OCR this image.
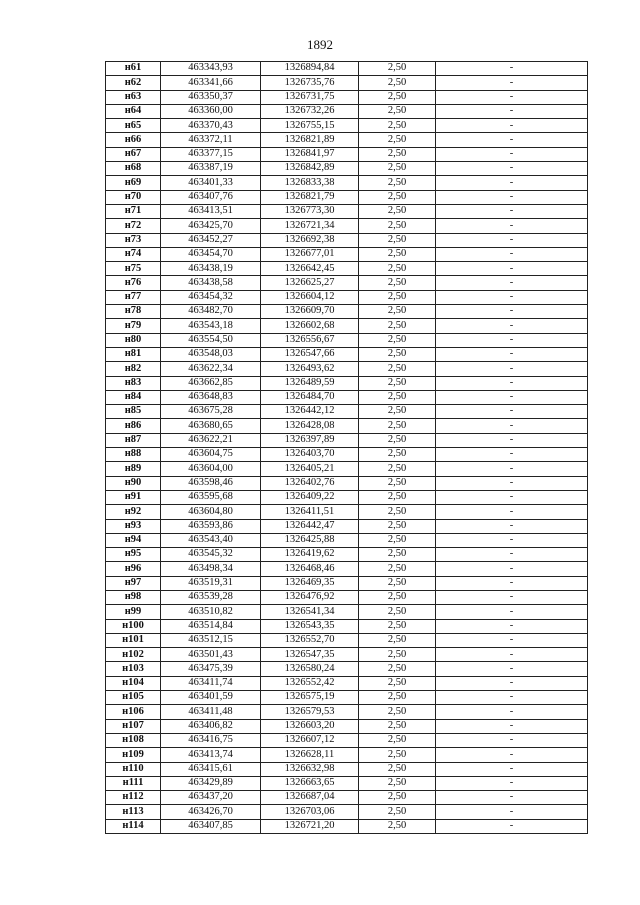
1892
н61	463343,93	1326894,84	2,50	-
н62	463341,66	1326735,76	2,50	-
н63	463350,37	1326731,75	2,50	-
н64	463360,00	1326732,26	2,50	-
н65	463370,43	1326755,15	2,50	-
н66	463372,11	1326821,89	2,50	-
н67	463377,15	1326841,97	2,50	-
н68	463387,19	1326842,89	2,50	-
н69	463401,33	1326833,38	2,50	-
н70	463407,76	1326821,79	2,50	-
н71	463413,51	1326773,30	2,50	-
н72	463425,70	1326721,34	2,50	-
н73	463452,27	1326692,38	2,50	-
н74	463454,70	1326677,01	2,50	-
н75	463438,19	1326642,45	2,50	-
н76	463438,58	1326625,27	2,50	-
н77	463454,32	1326604,12	2,50	-
н78	463482,70	1326609,70	2,50	-
н79	463543,18	1326602,68	2,50	-
н80	463554,50	1326556,67	2,50	-
н81	463548,03	1326547,66	2,50	-
н82	463622,34	1326493,62	2,50	-
н83	463662,85	1326489,59	2,50	-
н84	463648,83	1326484,70	2,50	-
н85	463675,28	1326442,12	2,50	-
н86	463680,65	1326428,08	2,50	-
н87	463622,21	1326397,89	2,50	-
н88	463604,75	1326403,70	2,50	-
н89	463604,00	1326405,21	2,50	-
н90	463598,46	1326402,76	2,50	-
н91	463595,68	1326409,22	2,50	-
н92	463604,80	1326411,51	2,50	-
н93	463593,86	1326442,47	2,50	-
н94	463543,40	1326425,88	2,50	-
н95	463545,32	1326419,62	2,50	-
н96	463498,34	1326468,46	2,50	-
н97	463519,31	1326469,35	2,50	-
н98	463539,28	1326476,92	2,50	-
н99	463510,82	1326541,34	2,50	-
н100	463514,84	1326543,35	2,50	-
н101	463512,15	1326552,70	2,50	-
н102	463501,43	1326547,35	2,50	-
н103	463475,39	1326580,24	2,50	-
н104	463411,74	1326552,42	2,50	-
н105	463401,59	1326575,19	2,50	-
н106	463411,48	1326579,53	2,50	-
н107	463406,82	1326603,20	2,50	-
н108	463416,75	1326607,12	2,50	-
н109	463413,74	1326628,11	2,50	-
н110	463415,61	1326632,98	2,50	-
н111	463429,89	1326663,65	2,50	-
н112	463437,20	1326687,04	2,50	-
н113	463426,70	1326703,06	2,50	-
н114	463407,85	1326721,20	2,50	-
